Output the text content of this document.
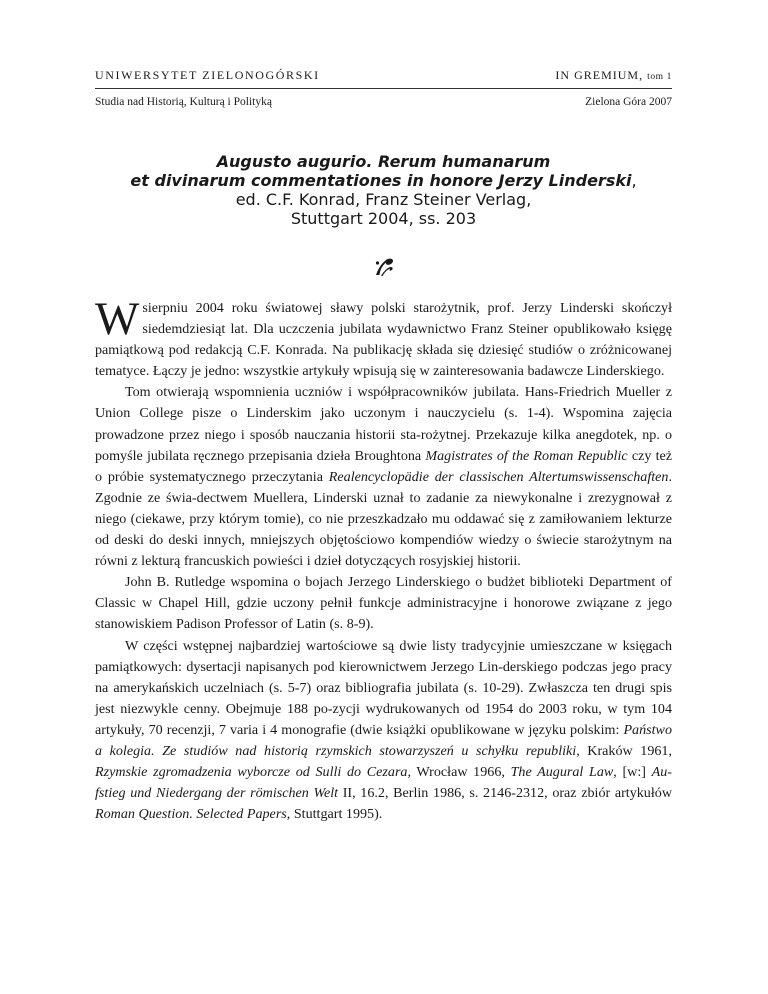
UNIWERSYTET ZIELONOGÓRSKI	IN GREMIUM, tom 1
Studia nad Historią, Kulturą i Polityką	Zielona Góra 2007
Augusto augurio. Rerum humanarum
et divinarum commentationes in honore Jerzy Linderski,
ed. C.F. Konrad, Franz Steiner Verlag,
Stuttgart 2004, ss. 203

Wsierpniu 2004 roku światowej sławy polski starożytnik, prof. Jerzy Linderski skończył siedemdziesiąt lat. Dla uczczenia jubilata wydawnictwo Franz Steiner opublikowało księgę pamiątkową pod redakcją C.F. Konrada. Na publikację składa się dziesięć studiów o zróżnicowanej tematyce. Łączy je jedno: wszystkie artykuły wpisują się w zainteresowania badawcze Linderskiego.

Tom otwierają wspomnienia uczniów i współpracowników jubilata. Hans-Friedrich Mueller z Union College pisze o Linderskim jako uczonym i nauczycielu (s. 1-4). Wspomina zajęcia prowadzone przez niego i sposób nauczania historii sta-rożytnej. Przekazuje kilka anegdotek, np. o pomyśle jubilata ręcznego przepisania dzieła Broughtona Magistrates of the Roman Republic czy też o próbie systematycznego przeczytania Realencyclopädie der classischen Altertumswissenschaften. Zgodnie ze świa-dectwem Muellera, Linderski uznał to zadanie za niewykonalne i zrezygnował z niego (ciekawe, przy którym tomie), co nie przeszkadzało mu oddawać się z zamiłowaniem lekturze od deski do deski innych, mniejszych objętościowo kompendiów wiedzy o świecie starożytnym na równi z lekturą francuskich powieści i dzieł dotyczących rosyjskiej historii.

John B. Rutledge wspomina o bojach Jerzego Linderskiego o budżet biblioteki Department of Classic w Chapel Hill, gdzie uczony pełnił funkcje administracyjne i honorowe związane z jego stanowiskiem Padison Professor of Latin (s. 8-9).

W części wstępnej najbardziej wartościowe są dwie listy tradycyjnie umieszczane w księgach pamiątkowych: dysertacji napisanych pod kierownictwem Jerzego Lin-derskiego podczas jego pracy na amerykańskich uczelniach (s. 5-7) oraz bibliografia jubilata (s. 10-29). Zwłaszcza ten drugi spis jest niezwykle cenny. Obejmuje 188 po-zycji wydrukowanych od 1954 do 2003 roku, w tym 104 artykuły, 70 recenzji, 7 varia i 4 monografie (dwie książki opublikowane w języku polskim: Państwo a kolegia. Ze studiów nad historią rzymskich stowarzyszeń u schyłku republiki, Kraków 1961, Rzymskie zgromadzenia wyborcze od Sulli do Cezara, Wrocław 1966, The Augural Law, [w:] Au-fstieg und Niedergang der römischen Welt II, 16.2, Berlin 1986, s. 2146-2312, oraz zbiór artykułów Roman Question. Selected Papers, Stuttgart 1995).
